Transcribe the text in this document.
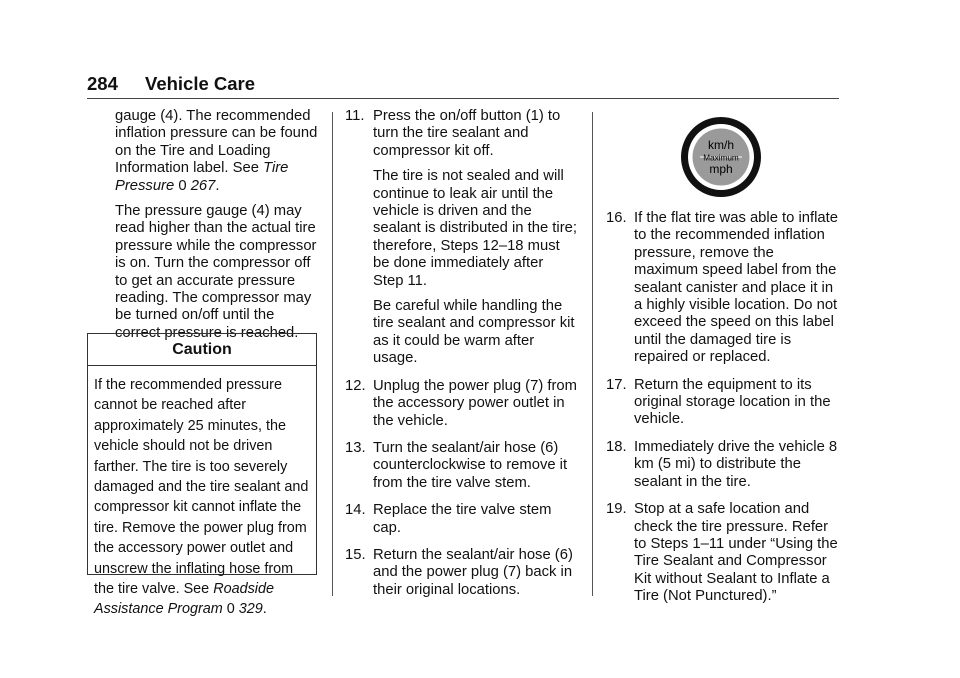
284 Vehicle Care

gauge (4). The recommended inflation pressure can be found on the Tire and Loading Information label. See Tire Pressure 0 267.

The pressure gauge (4) may read higher than the actual tire pressure while the compressor is on. Turn the compressor off to get an accurate pressure reading. The compressor may be turned on/off until the correct pressure is reached.

Caution
If the recommended pressure cannot be reached after approximately 25 minutes, the vehicle should not be driven farther. The tire is too severely damaged and the tire sealant and compressor kit cannot inflate the tire. Remove the power plug from the accessory power outlet and unscrew the inflating hose from the tire valve. See Roadside Assistance Program 0 329.
11. Press the on/off button (1) to turn the tire sealant and compressor kit off.

The tire is not sealed and will continue to leak air until the vehicle is driven and the sealant is distributed in the tire; therefore, Steps 12–18 must be done immediately after Step 11.

Be careful while handling the tire sealant and compressor kit as it could be warm after usage.

12. Unplug the power plug (7) from the accessory power outlet in the vehicle.
13. Turn the sealant/air hose (6) counterclockwise to remove it from the tire valve stem.
14. Replace the tire valve stem cap.
15. Return the sealant/air hose (6) and the power plug (7) back in their original locations.
km/h
Maximum
mph
16. If the flat tire was able to inflate to the recommended inflation pressure, remove the maximum speed label from the sealant canister and place it in a highly visible location. Do not exceed the speed on this label until the damaged tire is repaired or replaced.
17. Return the equipment to its original storage location in the vehicle.
18. Immediately drive the vehicle 8 km (5 mi) to distribute the sealant in the tire.
19. Stop at a safe location and check the tire pressure. Refer to Steps 1–11 under “Using the Tire Sealant and Compressor Kit without Sealant to Inflate a Tire (Not Punctured).”
